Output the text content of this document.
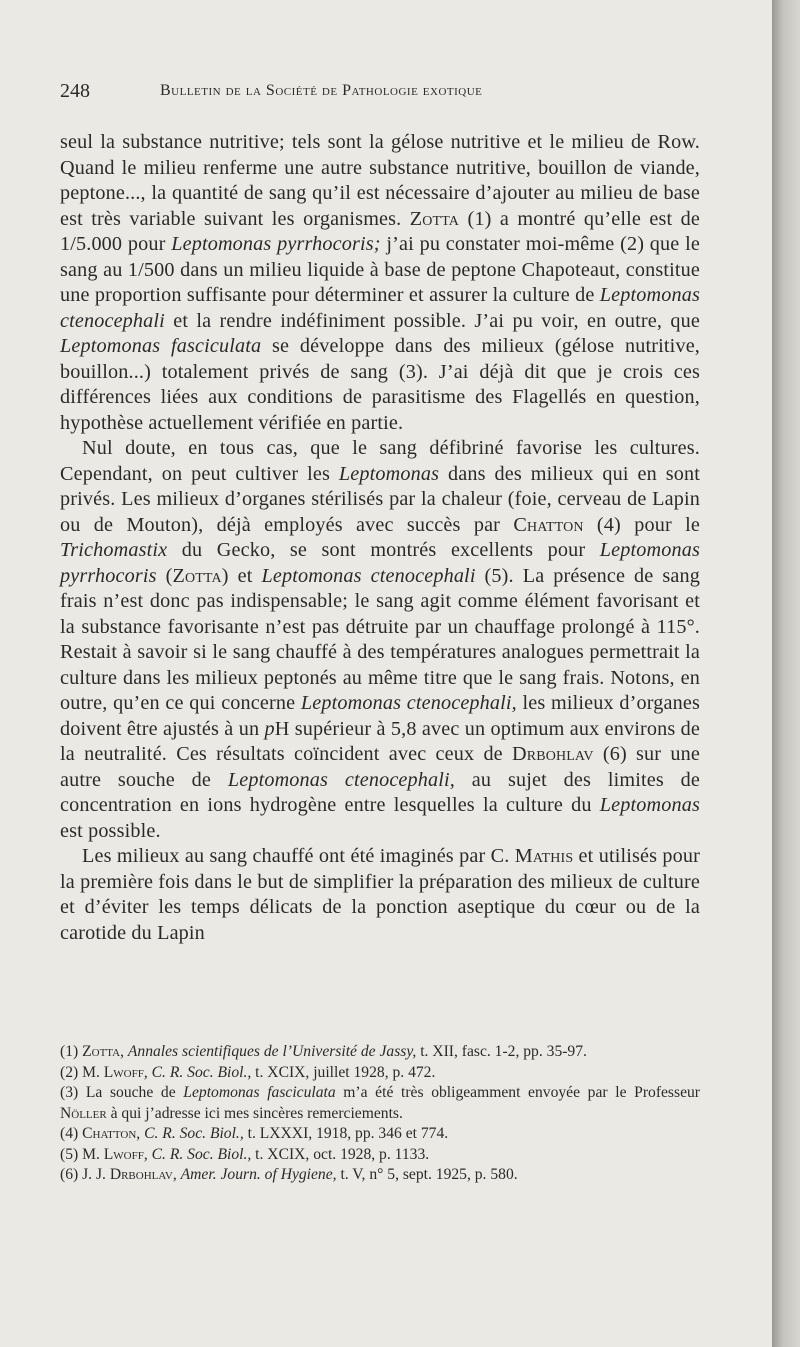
248	Bulletin de la Société de Pathologie exotique

seul la substance nutritive; tels sont la gélose nutritive et le milieu de Row. Quand le milieu renferme une autre substance nutritive, bouillon de viande, peptone..., la quantité de sang qu’il est nécessaire d’ajouter au milieu de base est très variable suivant les organismes. Zotta (1) a montré qu’elle est de 1/5.000 pour Leptomonas pyrrhocoris; j’ai pu constater moi-même (2) que le sang au 1/500 dans un milieu liquide à base de peptone Chapoteaut, constitue une proportion suffisante pour déterminer et assurer la culture de Leptomonas ctenocephali et la rendre indéfiniment possible. J’ai pu voir, en outre, que Leptomonas fasciculata se développe dans des milieux (gélose nutritive, bouillon...) totalement privés de sang (3). J’ai déjà dit que je crois ces différences liées aux conditions de parasitisme des Flagellés en question, hypothèse actuellement vérifiée en partie.

Nul doute, en tous cas, que le sang défibriné favorise les cultures. Cependant, on peut cultiver les Leptomonas dans des milieux qui en sont privés. Les milieux d’organes stérilisés par la chaleur (foie, cerveau de Lapin ou de Mouton), déjà employés avec succès par Chatton (4) pour le Trichomastix du Gecko, se sont montrés excellents pour Leptomonas pyrrhocoris (Zotta) et Leptomonas ctenocephali (5). La présence de sang frais n’est donc pas indispensable; le sang agit comme élément favorisant et la substance favorisante n’est pas détruite par un chauffage prolongé à 115°. Restait à savoir si le sang chauffé à des températures analogues permettrait la culture dans les milieux peptonés au même titre que le sang frais. Notons, en outre, qu’en ce qui concerne Leptomonas ctenocephali, les milieux d’organes doivent être ajustés à un pH supérieur à 5,8 avec un optimum aux environs de la neutralité. Ces résultats coïncident avec ceux de Drbohlav (6) sur une autre souche de Leptomonas ctenocephali, au sujet des limites de concentration en ions hydrogène entre lesquelles la culture du Leptomonas est possible.

Les milieux au sang chauffé ont été imaginés par C. Mathis et utilisés pour la première fois dans le but de simplifier la préparation des milieux de culture et d’éviter les temps délicats de la ponction aseptique du cœur ou de la carotide du Lapin

(1) Zotta, Annales scientifiques de l’Université de Jassy, t. XII, fasc. 1-2, pp. 35-97.

(2) M. Lwoff, C. R. Soc. Biol., t. XCIX, juillet 1928, p. 472.

(3) La souche de Leptomonas fasciculata m’a été très obligeamment envoyée par le Professeur Nöller à qui j’adresse ici mes sincères remerciements.

(4) Chatton, C. R. Soc. Biol., t. LXXXI, 1918, pp. 346 et 774.

(5) M. Lwoff, C. R. Soc. Biol., t. XCIX, oct. 1928, p. 1133.

(6) J. J. Drbohlav, Amer. Journ. of Hygiene, t. V, n° 5, sept. 1925, p. 580.
